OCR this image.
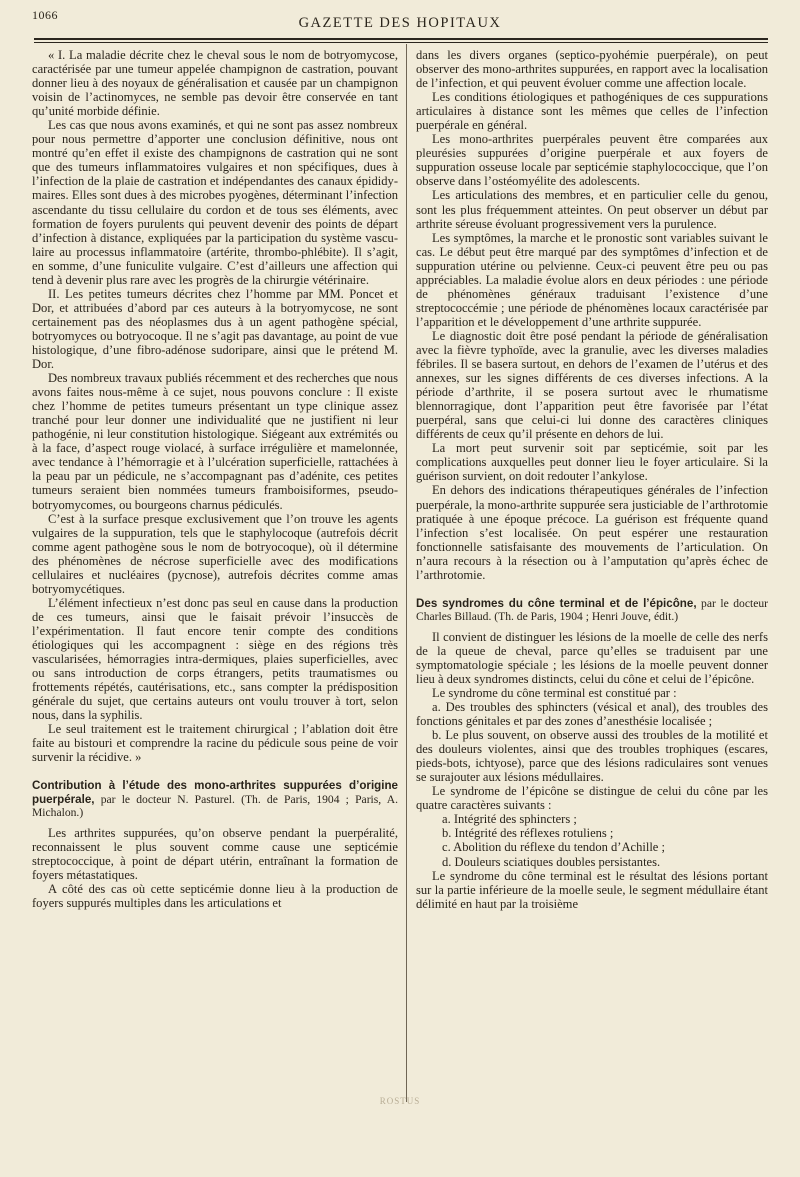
1066	GAZETTE DES HOPITAUX

« I. La maladie décrite chez le cheval sous le nom de botryomycose, caractérisée par une tumeur appelée champignon de castration, pouvant donner lieu à des noyaux de généralisation et causée par un champignon voisin de l’actinomyces, ne semble pas devoir être conservée en tant qu’unité morbide définie.

Les cas que nous avons examinés, et qui ne sont pas assez nombreux pour nous permettre d’apporter une conclusion définitive, nous ont montré qu’en effet il existe des champignons de castration qui ne sont que des tumeurs inflammatoires vulgaires et non spécifiques, dues à l’infection de la plaie de castration et indépendantes des canaux épididymaires. Elles sont dues à des microbes pyogènes, déterminant l’infection ascendante du tissu cellulaire du cordon et de tous ses éléments, avec formation de foyers purulents qui peuvent devenir des points de départ d’infection à distance, expliquées par la participation du système vasculaire au processus inflammatoire (artérite, thrombo-phlébite). Il s’agit, en somme, d’une funiculite vulgaire. C’est d’ailleurs une affection qui tend à devenir plus rare avec les progrès de la chirurgie vétérinaire.

II. Les petites tumeurs décrites chez l’homme par MM. Poncet et Dor, et attribuées d’abord par ces auteurs à la botryomycose, ne sont certainement pas des néoplasmes dus à un agent pathogène spécial, botryomyces ou botryocoque. Il ne s’agit pas davantage, au point de vue histologique, d’une fibro-adénose sudoripare, ainsi que le prétend M. Dor.

Des nombreux travaux publiés récemment et des recherches que nous avons faites nous-même à ce sujet, nous pouvons conclure : Il existe chez l’homme de petites tumeurs présentant un type clinique assez tranché pour leur donner une individualité que ne justifient ni leur pathogénie, ni leur constitution histologique. Siégeant aux extrémités ou à la face, d’aspect rouge violacé, à surface irrégulière et mamelonnée, avec tendance à l’hémorragie et à l’ulcération superficielle, rattachées à la peau par un pédicule, ne s’accompagnant pas d’adénite, ces petites tumeurs seraient bien nommées tumeurs framboisiformes, pseudo-botryomycomes, ou bourgeons charnus pédiculés.

C’est à la surface presque exclusivement que l’on trouve les agents vulgaires de la suppuration, tels que le staphylocoque (autrefois décrit comme agent pathogène sous le nom de botryocoque), où il détermine des phénomènes de nécrose superficielle avec des modifications cellulaires et nucléaires (pycnose), autrefois décrites comme amas botryomycétiques.

L’élément infectieux n’est donc pas seul en cause dans la production de ces tumeurs, ainsi que le faisait prévoir l’insuccès de l’expérimentation. Il faut encore tenir compte des conditions étiologiques qui les accompagnent : siège en des régions très vascularisées, hémorragies intra-dermiques, plaies superficielles, avec ou sans introduction de corps étrangers, petits traumatismes ou frottements répétés, cautérisations, etc., sans compter la prédisposition générale du sujet, que certains auteurs ont voulu trouver à tort, selon nous, dans la syphilis.

Le seul traitement est le traitement chirurgical ; l’ablation doit être faite au bistouri et comprendre la racine du pédicule sous peine de voir survenir la récidive. »

Contribution à l’étude des mono-arthrites suppurées d’origine puerpérale, par le docteur N. Pasturel. (Th. de Paris, 1904 ; Paris, A. Michalon.)

Les arthrites suppurées, qu’on observe pendant la puerpéralité, reconnaissent le plus souvent comme cause une septicémie streptococcique, à point de départ utérin, entraînant la formation de foyers métastatiques.

A côté des cas où cette septicémie donne lieu à la production de foyers suppurés multiples dans les articulations et

dans les divers organes (septico-pyohémie puerpérale), on peut observer des mono-arthrites suppurées, en rapport avec la localisation de l’infection, et qui peuvent évoluer comme une affection locale.

Les conditions étiologiques et pathogéniques de ces suppurations articulaires à distance sont les mêmes que celles de l’infection puerpérale en général.

Les mono-arthrites puerpérales peuvent être comparées aux pleurésies suppurées d’origine puerpérale et aux foyers de suppuration osseuse locale par septicémie staphylococcique, que l’on observe dans l’ostéomyélite des adolescents.

Les articulations des membres, et en particulier celle du genou, sont les plus fréquemment atteintes. On peut observer un début par arthrite séreuse évoluant progressivement vers la purulence.

Les symptômes, la marche et le pronostic sont variables suivant le cas. Le début peut être marqué par des symptômes d’infection et de suppuration utérine ou pelvienne. Ceux-ci peuvent être peu ou pas appréciables. La maladie évolue alors en deux périodes : une période de phénomènes généraux traduisant l’existence d’une streptococcémie ; une période de phénomènes locaux caractérisée par l’apparition et le développement d’une arthrite suppurée.

Le diagnostic doit être posé pendant la période de généralisation avec la fièvre typhoïde, avec la granulie, avec les diverses maladies fébriles. Il se basera surtout, en dehors de l’examen de l’utérus et des annexes, sur les signes différents de ces diverses infections. A la période d’arthrite, il se posera surtout avec le rhumatisme blennorragique, dont l’apparition peut être favorisée par l’état puerpéral, sans que celui-ci lui donne des caractères cliniques différents de ceux qu’il présente en dehors de lui.

La mort peut survenir soit par septicémie, soit par les complications auxquelles peut donner lieu le foyer articulaire. Si la guérison survient, on doit redouter l’ankylose.

En dehors des indications thérapeutiques générales de l’infection puerpérale, la mono-arthrite suppurée sera justiciable de l’arthrotomie pratiquée à une époque précoce. La guérison est fréquente quand l’infection s’est localisée. On peut espérer une restauration fonctionnelle satisfaisante des mouvements de l’articulation. On n’aura recours à la résection ou à l’amputation qu’après échec de l’arthrotomie.

Des syndromes du cône terminal et de l’épicône, par le docteur Charles Billaud. (Th. de Paris, 1904 ; Henri Jouve, édit.)

Il convient de distinguer les lésions de la moelle de celle des nerfs de la queue de cheval, parce qu’elles se traduisent par une symptomatologie spéciale ; les lésions de la moelle peuvent donner lieu à deux syndromes distincts, celui du cône et celui de l’épicône.

Le syndrome du cône terminal est constitué par :

a. Des troubles des sphincters (vésical et anal), des troubles des fonctions génitales et par des zones d’anesthésie localisée ;

b. Le plus souvent, on observe aussi des troubles de la motilité et des douleurs violentes, ainsi que des troubles trophiques (escares, pieds-bots, ichtyose), parce que des lésions radiculaires sont venues se surajouter aux lésions médullaires.

Le syndrome de l’épicône se distingue de celui du cône par les quatre caractères suivants :

a. Intégrité des sphincters ;

b. Intégrité des réflexes rotuliens ;

c. Abolition du réflexe du tendon d’Achille ;

d. Douleurs sciatiques doubles persistantes.

Le syndrome du cône terminal est le résultat des lésions portant sur la partie inférieure de la moelle seule, le segment médullaire étant délimité en haut par la troisième

ROSTUS
